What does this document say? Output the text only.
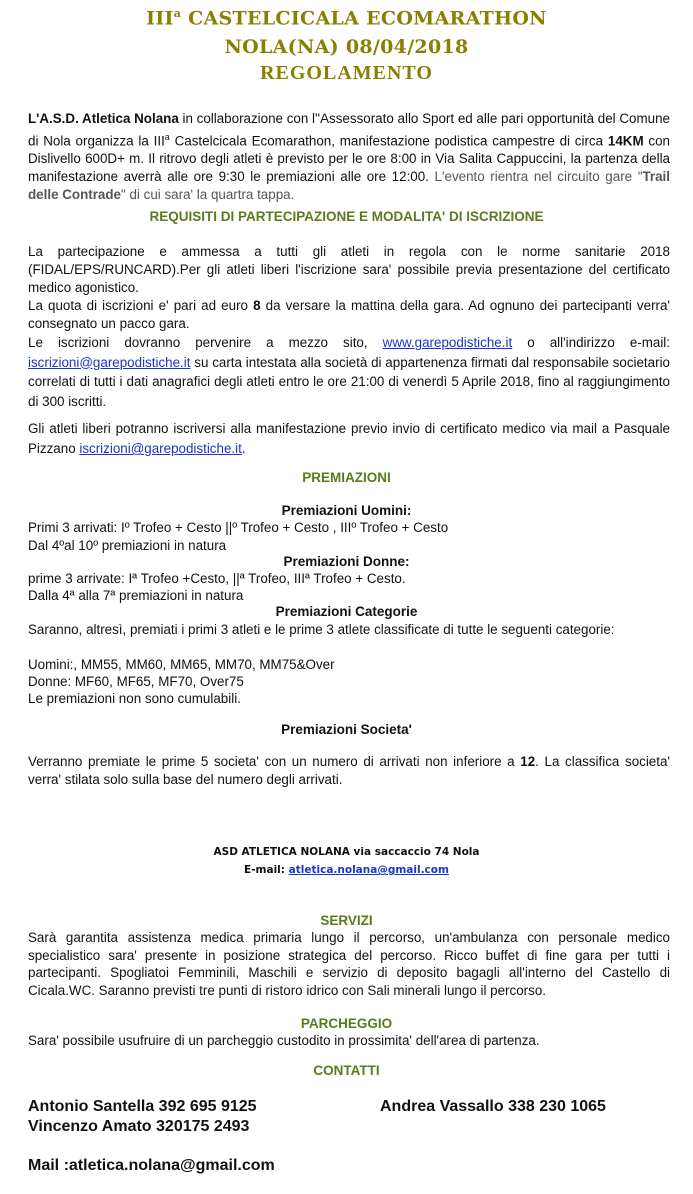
III$^a$ CASTELCICALA ECOMARATHON

NOLA(NA) 08/04/2018

REGOLAMENTO

L'A.S.D. Atletica Nolana in collaborazione con l''Assessorato allo Sport ed alle pari opportunità del Comune di Nola organizza la III$^a$ Castelcicala Ecomarathon, manifestazione podistica campestre di circa 14KM con Dislivello 600D+ m. Il ritrovo degli atleti è previsto per le ore 8:00 in Via Salita Cappuccini, la partenza della manifestazione averrà alle ore 9:30 le premiazioni alle ore 12:00. L'evento rientra nel circuito gare "Trail delle Contrade" di cui sara' la quartra tappa.

REQUISITI DI PARTECIPAZIONE E MODALITA' DI ISCRIZIONE

La partecipazione e ammessa a tutti gli atleti in regola con le norme sanitarie 2018 (FIDAL/EPS/RUNCARD).Per gli atleti liberi l'iscrizione sara' possibile previa presentazione del certificato medico agonistico.

La quota di iscrizioni e' pari ad euro 8 da versare la mattina della gara. Ad ognuno dei partecipanti verra' consegnato un pacco gara.

Le iscrizioni dovranno pervenire a mezzo sito, www.garepodistiche.it o all'indirizzo e-mail: iscrizioni@garepodistiche.it su carta intestata alla società di appartenenza firmati dal responsabile societario correlati di tutti i dati anagrafici degli atleti entro le ore 21:00 di venerdì 5 Aprile 2018, fino al raggiungimento di 300 iscritti.

Gli atleti liberi potranno iscriversi alla manifestazione previo invio di certificato medico via mail a Pasquale Pizzano iscrizioni@garepodistiche.it.

PREMIAZIONI

Premiazioni Uomini:

Primi 3 arrivati: Iº Trofeo + Cesto ||º Trofeo + Cesto , IIIº Trofeo + Cesto

Dal 4ºal 10º premiazioni in natura

Premiazioni Donne:

prime 3 arrivate: Iª Trofeo +Cesto, ||ª Trofeo, IIIª Trofeo + Cesto.

Dalla 4ª alla 7ª premiazioni in natura

Premiazioni Categorie

Saranno, altresì, premiati i primi 3 atleti e le prime 3 atlete classificate di tutte le seguenti categorie:

Uomini:, MM55, MM60, MM65, MM70, MM75&Over

Donne: MF60, MF65, MF70, Over75

Le premiazioni non sono cumulabili.

Premiazioni Societa'

Verranno premiate le prime 5 societa' con un numero di arrivati non inferiore a 12. La classifica societa' verra' stilata solo sulla base del numero degli arrivati.

ASD ATLETICA NOLANA via saccaccio 74 Nola

E-mail: atletica.nolana@gmail.com

SERVIZI

Sarà garantita assistenza medica primaria lungo il percorso, un'ambulanza con personale medico specialistico sara' presente in posizione strategica del percorso. Ricco buffet di fine gara per tutti i partecipanti. Spogliatoi Femminili, Maschili e servizio di deposito bagagli all'interno del Castello di Cicala.WC. Saranno previsti tre punti di ristoro idrico con Sali minerali lungo il percorso.

PARCHEGGIO

Sara' possibile usufruire di un parcheggio custodito in prossimita' dell'area di partenza.

CONTATTI

Antonio Santella 392 695 9125
Vincenzo Amato 320175 2493
Andrea Vassallo 338 230 1065
Mail :atletica.nolana@gmail.com
